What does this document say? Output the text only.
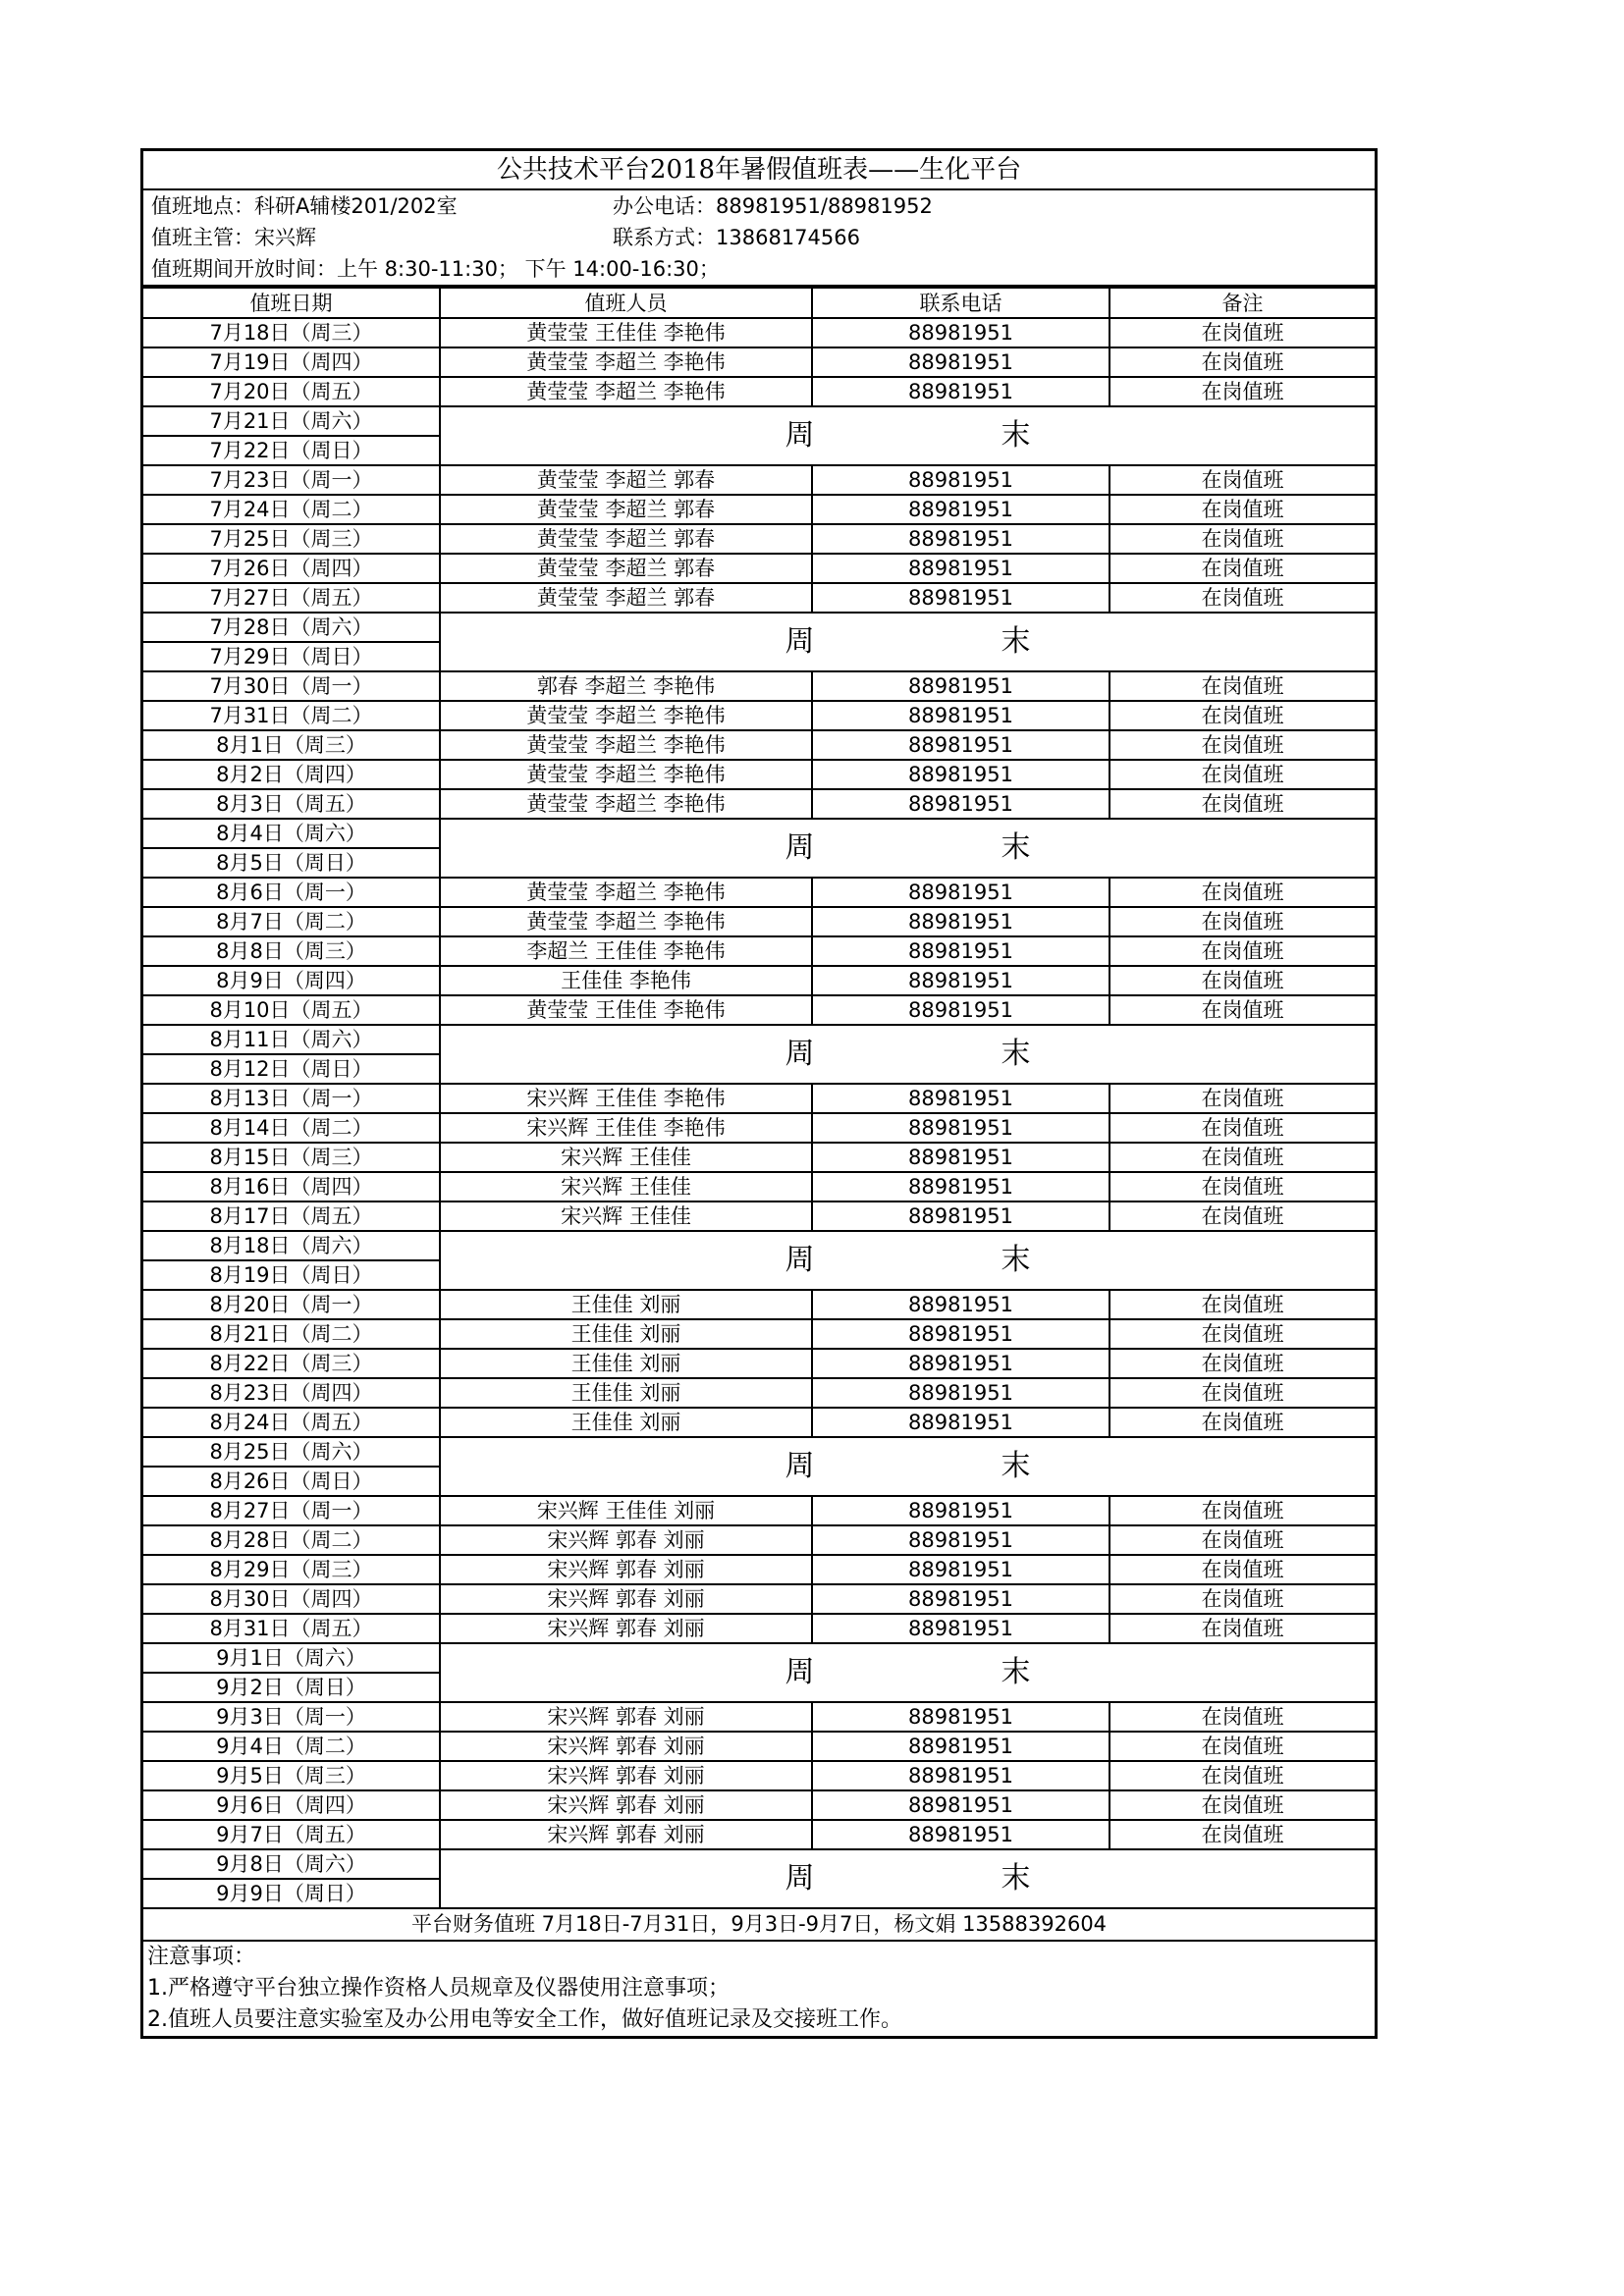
公共技术平台2018年暑假值班表——生化平台
值班地点：科研A辅楼201/202室	办公电话：88981951/88981952
值班主管：宋兴辉	联系方式：13868174566
值班期间开放时间：上午 8:30-11:30； 下午 14:00-16:30；
值班日期	值班人员	联系电话	备注
7月18日（周三）	黄莹莹 王佳佳 李艳伟	88981951	在岗值班
7月19日（周四）	黄莹莹 李超兰 李艳伟	88981951	在岗值班
7月20日（周五）	黄莹莹 李超兰 李艳伟	88981951	在岗值班
7月21日（周六）	周 末		
7月22日（周日）			
7月23日（周一）	黄莹莹 李超兰 郭春	88981951	在岗值班
7月24日（周二）	黄莹莹 李超兰 郭春	88981951	在岗值班
7月25日（周三）	黄莹莹 李超兰 郭春	88981951	在岗值班
7月26日（周四）	黄莹莹 李超兰 郭春	88981951	在岗值班
7月27日（周五）	黄莹莹 李超兰 郭春	88981951	在岗值班
7月28日（周六）	周 末		
7月29日（周日）			
7月30日（周一）	郭春 李超兰 李艳伟	88981951	在岗值班
7月31日（周二）	黄莹莹 李超兰 李艳伟	88981951	在岗值班
8月1日（周三）	黄莹莹 李超兰 李艳伟	88981951	在岗值班
8月2日（周四）	黄莹莹 李超兰 李艳伟	88981951	在岗值班
8月3日（周五）	黄莹莹 李超兰 李艳伟	88981951	在岗值班
8月4日（周六）	周 末		
8月5日（周日）			
8月6日（周一）	黄莹莹 李超兰 李艳伟	88981951	在岗值班
8月7日（周二）	黄莹莹 李超兰 李艳伟	88981951	在岗值班
8月8日（周三）	李超兰 王佳佳 李艳伟	88981951	在岗值班
8月9日（周四）	王佳佳 李艳伟	88981951	在岗值班
8月10日（周五）	黄莹莹 王佳佳 李艳伟	88981951	在岗值班
8月11日（周六）	周 末		
8月12日（周日）			
8月13日（周一）	宋兴辉 王佳佳 李艳伟	88981951	在岗值班
8月14日（周二）	宋兴辉 王佳佳 李艳伟	88981951	在岗值班
8月15日（周三）	宋兴辉 王佳佳	88981951	在岗值班
8月16日（周四）	宋兴辉 王佳佳	88981951	在岗值班
8月17日（周五）	宋兴辉 王佳佳	88981951	在岗值班
8月18日（周六）	周 末		
8月19日（周日）			
8月20日（周一）	王佳佳 刘丽	88981951	在岗值班
8月21日（周二）	王佳佳 刘丽	88981951	在岗值班
8月22日（周三）	王佳佳 刘丽	88981951	在岗值班
8月23日（周四）	王佳佳 刘丽	88981951	在岗值班
8月24日（周五）	王佳佳 刘丽	88981951	在岗值班
8月25日（周六）	周 末		
8月26日（周日）			
8月27日（周一）	宋兴辉 王佳佳 刘丽	88981951	在岗值班
8月28日（周二）	宋兴辉 郭春 刘丽	88981951	在岗值班
8月29日（周三）	宋兴辉 郭春 刘丽	88981951	在岗值班
8月30日（周四）	宋兴辉 郭春 刘丽	88981951	在岗值班
8月31日（周五）	宋兴辉 郭春 刘丽	88981951	在岗值班
9月1日（周六）	周 末		
9月2日（周日）			
9月3日（周一）	宋兴辉 郭春 刘丽	88981951	在岗值班
9月4日（周二）	宋兴辉 郭春 刘丽	88981951	在岗值班
9月5日（周三）	宋兴辉 郭春 刘丽	88981951	在岗值班
9月6日（周四）	宋兴辉 郭春 刘丽	88981951	在岗值班
9月7日（周五）	宋兴辉 郭春 刘丽	88981951	在岗值班
9月8日（周六）	周 末		
9月9日（周日）			
平台财务值班 7月18日-7月31日，9月3日-9月7日，杨文娟 13588392604
注意事项：
1.严格遵守平台独立操作资格人员规章及仪器使用注意事项；
2.值班人员要注意实验室及办公用电等安全工作，做好值班记录及交接班工作。
